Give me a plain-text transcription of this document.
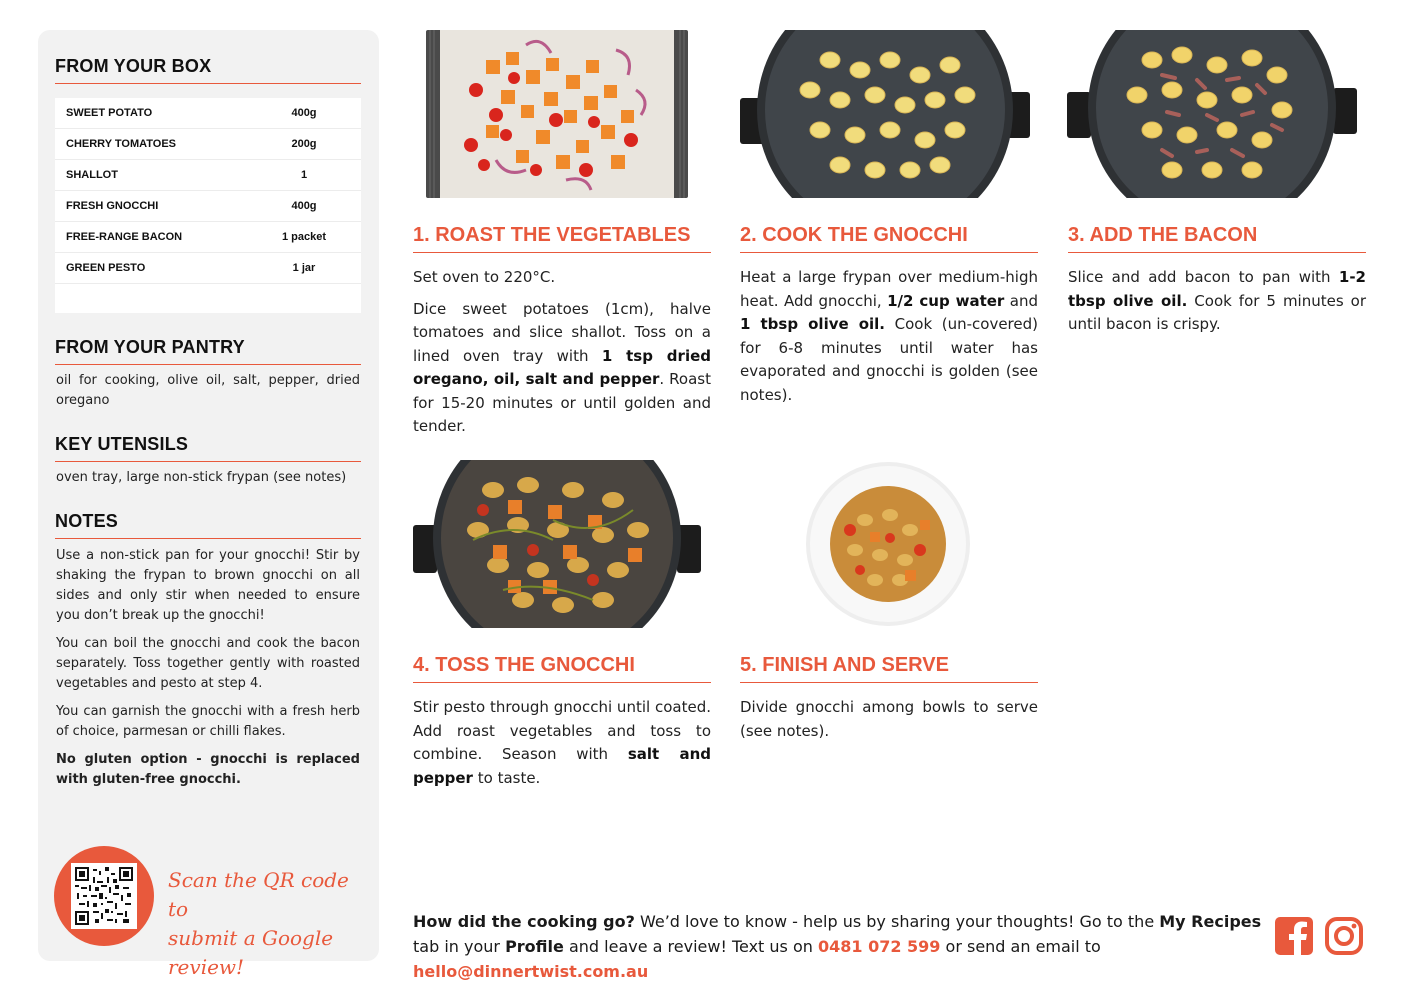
FROM YOUR BOX
SWEET POTATO	400g
CHERRY TOMATOES	200g
SHALLOT	1
FRESH GNOCCHI	400g
FREE-RANGE BACON	1 packet
GREEN PESTO	1 jar
FROM YOUR PANTRY
oil for cooking, olive oil, salt, pepper, dried oregano
KEY UTENSILS
oven tray, large non-stick frypan (see notes)
NOTES

Use a non-stick pan for your gnocchi! Stir by shaking the frypan to brown gnocchi on all sides and only stir when needed to ensure you don’t break up the gnocchi!

You can boil the gnocchi and cook the bacon separately. Toss together gently with roasted vegetables and pesto at step 4.

You can garnish the gnocchi with a fresh herb of choice, parmesan or chilli flakes.

No gluten option - gnocchi is replaced with gluten-free gnocchi.

Scan the QR code to
submit a Google review!
1. ROAST THE VEGETABLES

Set oven to 220°C.

Dice sweet potatoes (1cm), halve tomatoes and slice shallot. Toss on a lined oven tray with 1 tsp dried oregano, oil, salt and pepper. Roast for 15-20 minutes or until golden and tender.

2. COOK THE GNOCCHI

Heat a large frypan over medium-high heat. Add gnocchi, 1/2 cup water and 1 tbsp olive oil. Cook (un-covered) for 6-8 minutes until water has evaporated and gnocchi is golden (see notes).

3. ADD THE BACON

Slice and add bacon to pan with 1-2 tbsp olive oil. Cook for 5 minutes or until bacon is crispy.

4. TOSS THE GNOCCHI

Stir pesto through gnocchi until coated. Add roast vegetables and toss to combine. Season with salt and pepper to taste.

5. FINISH AND SERVE

Divide gnocchi among bowls to serve (see notes).

How did the cooking go? We’d love to know - help us by sharing your thoughts! Go to the My Recipes tab in your Profile and leave a review! Text us on 0481 072 599 or send an email to hello@dinnertwist.com.au
